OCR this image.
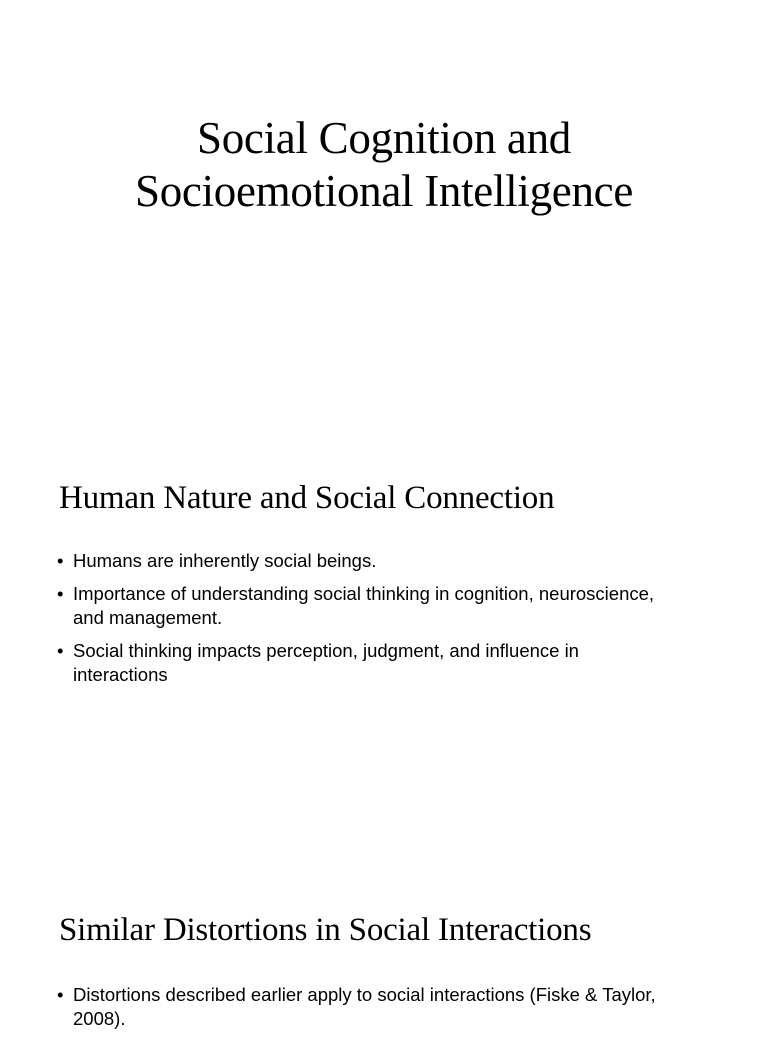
Social Cognition and
Socioemotional Intelligence
Human Nature and Social Connection
• Humans are inherently social beings.
• Importance of understanding social thinking in cognition, neuroscience, and management.
• Social thinking impacts perception, judgment, and influence in interactions
Similar Distortions in Social Interactions
• Distortions described earlier apply to social interactions (Fiske & Taylor, 2008).
